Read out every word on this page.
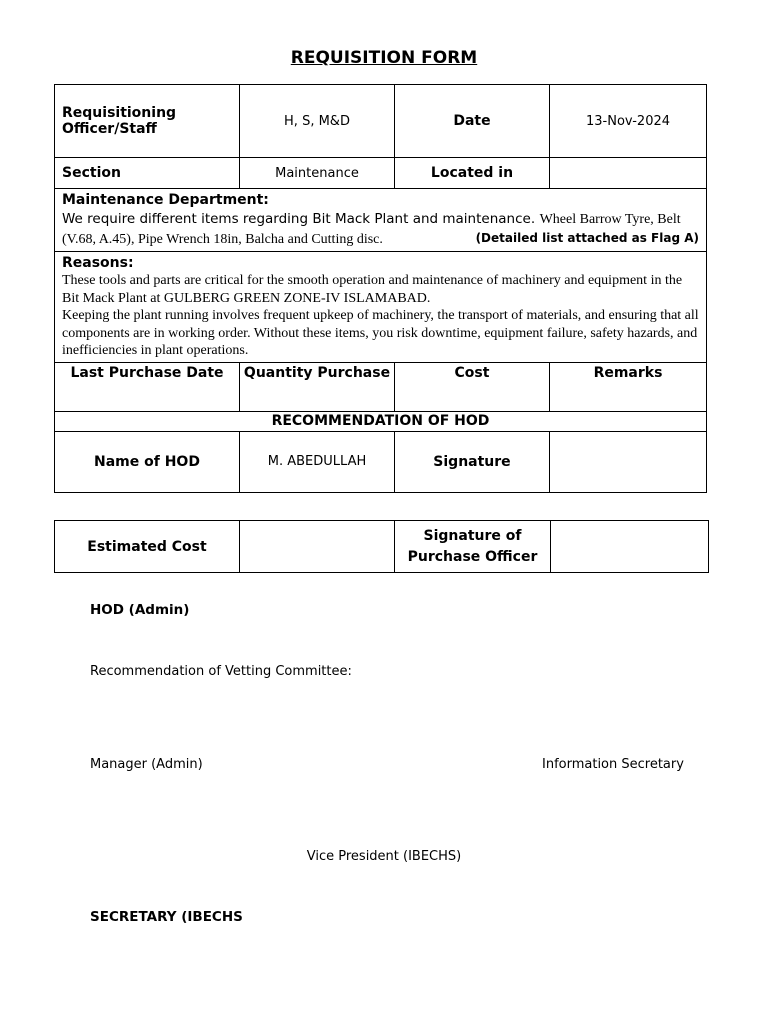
REQUISITION FORM
Requisitioning Officer/Staff	H, S, M&D	Date	13-Nov-2024
Section	Maintenance	Located in	

Maintenance Department:
We require different items regarding Bit Mack Plant and maintenance. Wheel Barrow Tyre, Belt (V.68, A.45), Pipe Wrench 18in, Balcha and Cutting disc. (Detailed list attached as Flag A)			

Reasons:
These tools and parts are critical for the smooth operation and maintenance of machinery and equipment in the Bit Mack Plant at GULBERG GREEN ZONE-IV ISLAMABAD.
Keeping the plant running involves frequent upkeep of machinery, the transport of materials, and ensuring that all components are in working order. Without these items, you risk downtime, equipment failure, safety hazards, and inefficiencies in plant operations.			

Last Purchase Date	Quantity Purchase	Cost	Remarks
RECOMMENDATION OF HOD			
Name of HOD	M. ABEDULLAH	Signature	
Estimated Cost		Signature of Purchase Officer	
HOD (Admin)
Recommendation of Vetting Committee:
Manager (Admin)	Information Secretary
Vice President (IBECHS)
SECRETARY (IBECHS
